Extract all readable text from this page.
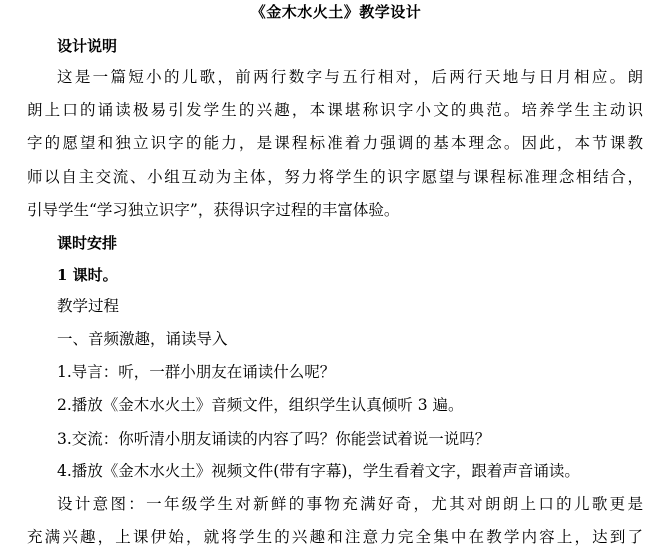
《金木水火土》教学设计
设计说明
这是一篇短小的儿歌，前两行数字与五行相对，后两行天地与日月相应。朗
朗上口的诵读极易引发学生的兴趣，本课堪称识字小文的典范。培养学生主动识
字的愿望和独立识字的能力，是课程标准着力强调的基本理念。因此，本节课教
师以自主交流、小组互动为主体，努力将学生的识字愿望与课程标准理念相结合，
引导学生“学习独立识字”，获得识字过程的丰富体验。
课时安排
1 课时。
教学过程
一、音频激趣，诵读导入
1.导言：听，一群小朋友在诵读什么呢？
2.播放《金木水火土》音频文件，组织学生认真倾听 3 遍。
3.交流：你听清小朋友诵读的内容了吗？你能尝试着说一说吗？
4.播放《金木水火土》视频文件(带有字幕)，学生看着文字，跟着声音诵读。
设计意图：一年级学生对新鲜的事物充满好奇，尤其对朗朗上口的儿歌更是
充满兴趣，上课伊始，就将学生的兴趣和注意力完全集中在教学内容上，达到了
